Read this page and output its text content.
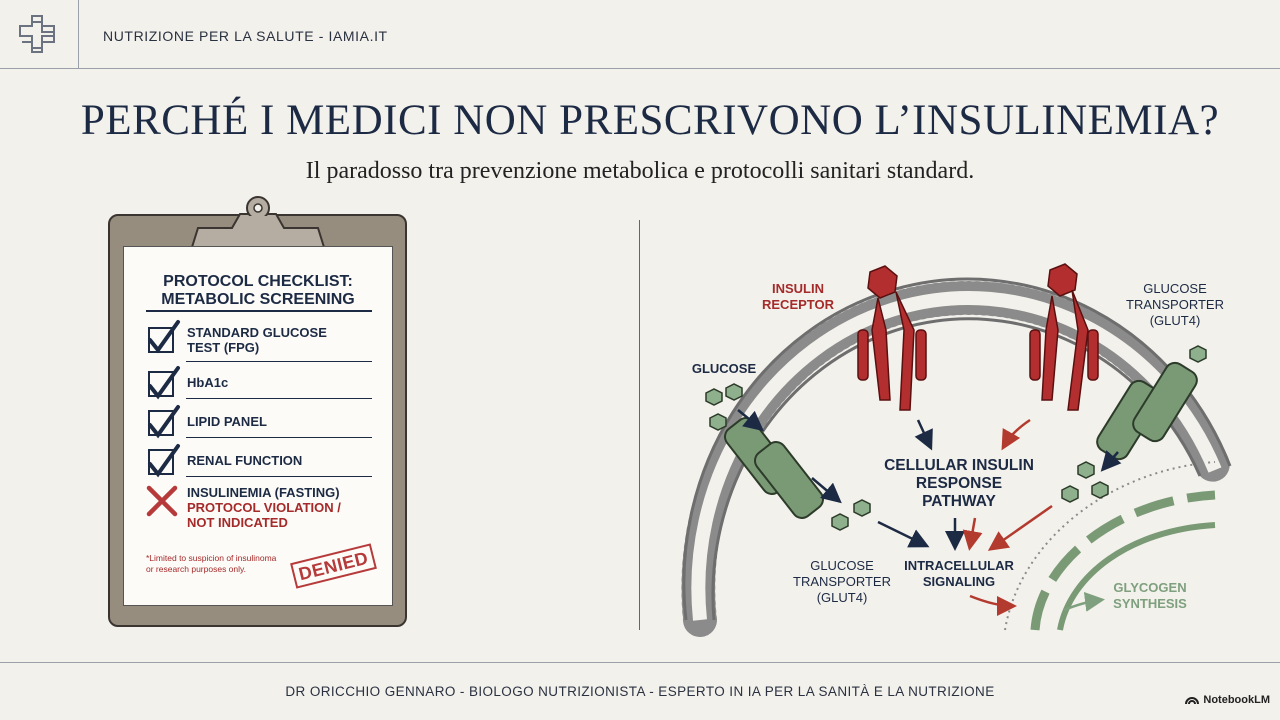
NUTRIZIONE PER LA SALUTE - IAMIA.IT
PERCHÉ I MEDICI NON PRESCRIVONO L’INSULINEMIA?
Il paradosso tra prevenzione metabolica e protocolli sanitari standard.
PROTOCOL CHECKLIST:
METABOLIC SCREENING
STANDARD GLUCOSE
TEST (FPG)
HbA1c
LIPID PANEL
RENAL FUNCTION
INSULINEMIA (FASTING)
PROTOCOL VIOLATION /
NOT INDICATED
*Limited to suspicion of insulinoma
or research purposes only.	DENIED
INSULIN
RECEPTOR
GLUCOSE
TRANSPORTER
(GLUT4)
GLUCOSE
CELLULAR INSULIN
RESPONSE
PATHWAY
GLUCOSE
TRANSPORTER
(GLUT4)
INTRACELLULAR
SIGNALING	GLYCOGEN
SYNTHESIS
DR ORICCHIO GENNARO - BIOLOGO NUTRIZIONISTA - ESPERTO IN IA PER LA SANITÀ E LA NUTRIZIONE
NotebookLM
